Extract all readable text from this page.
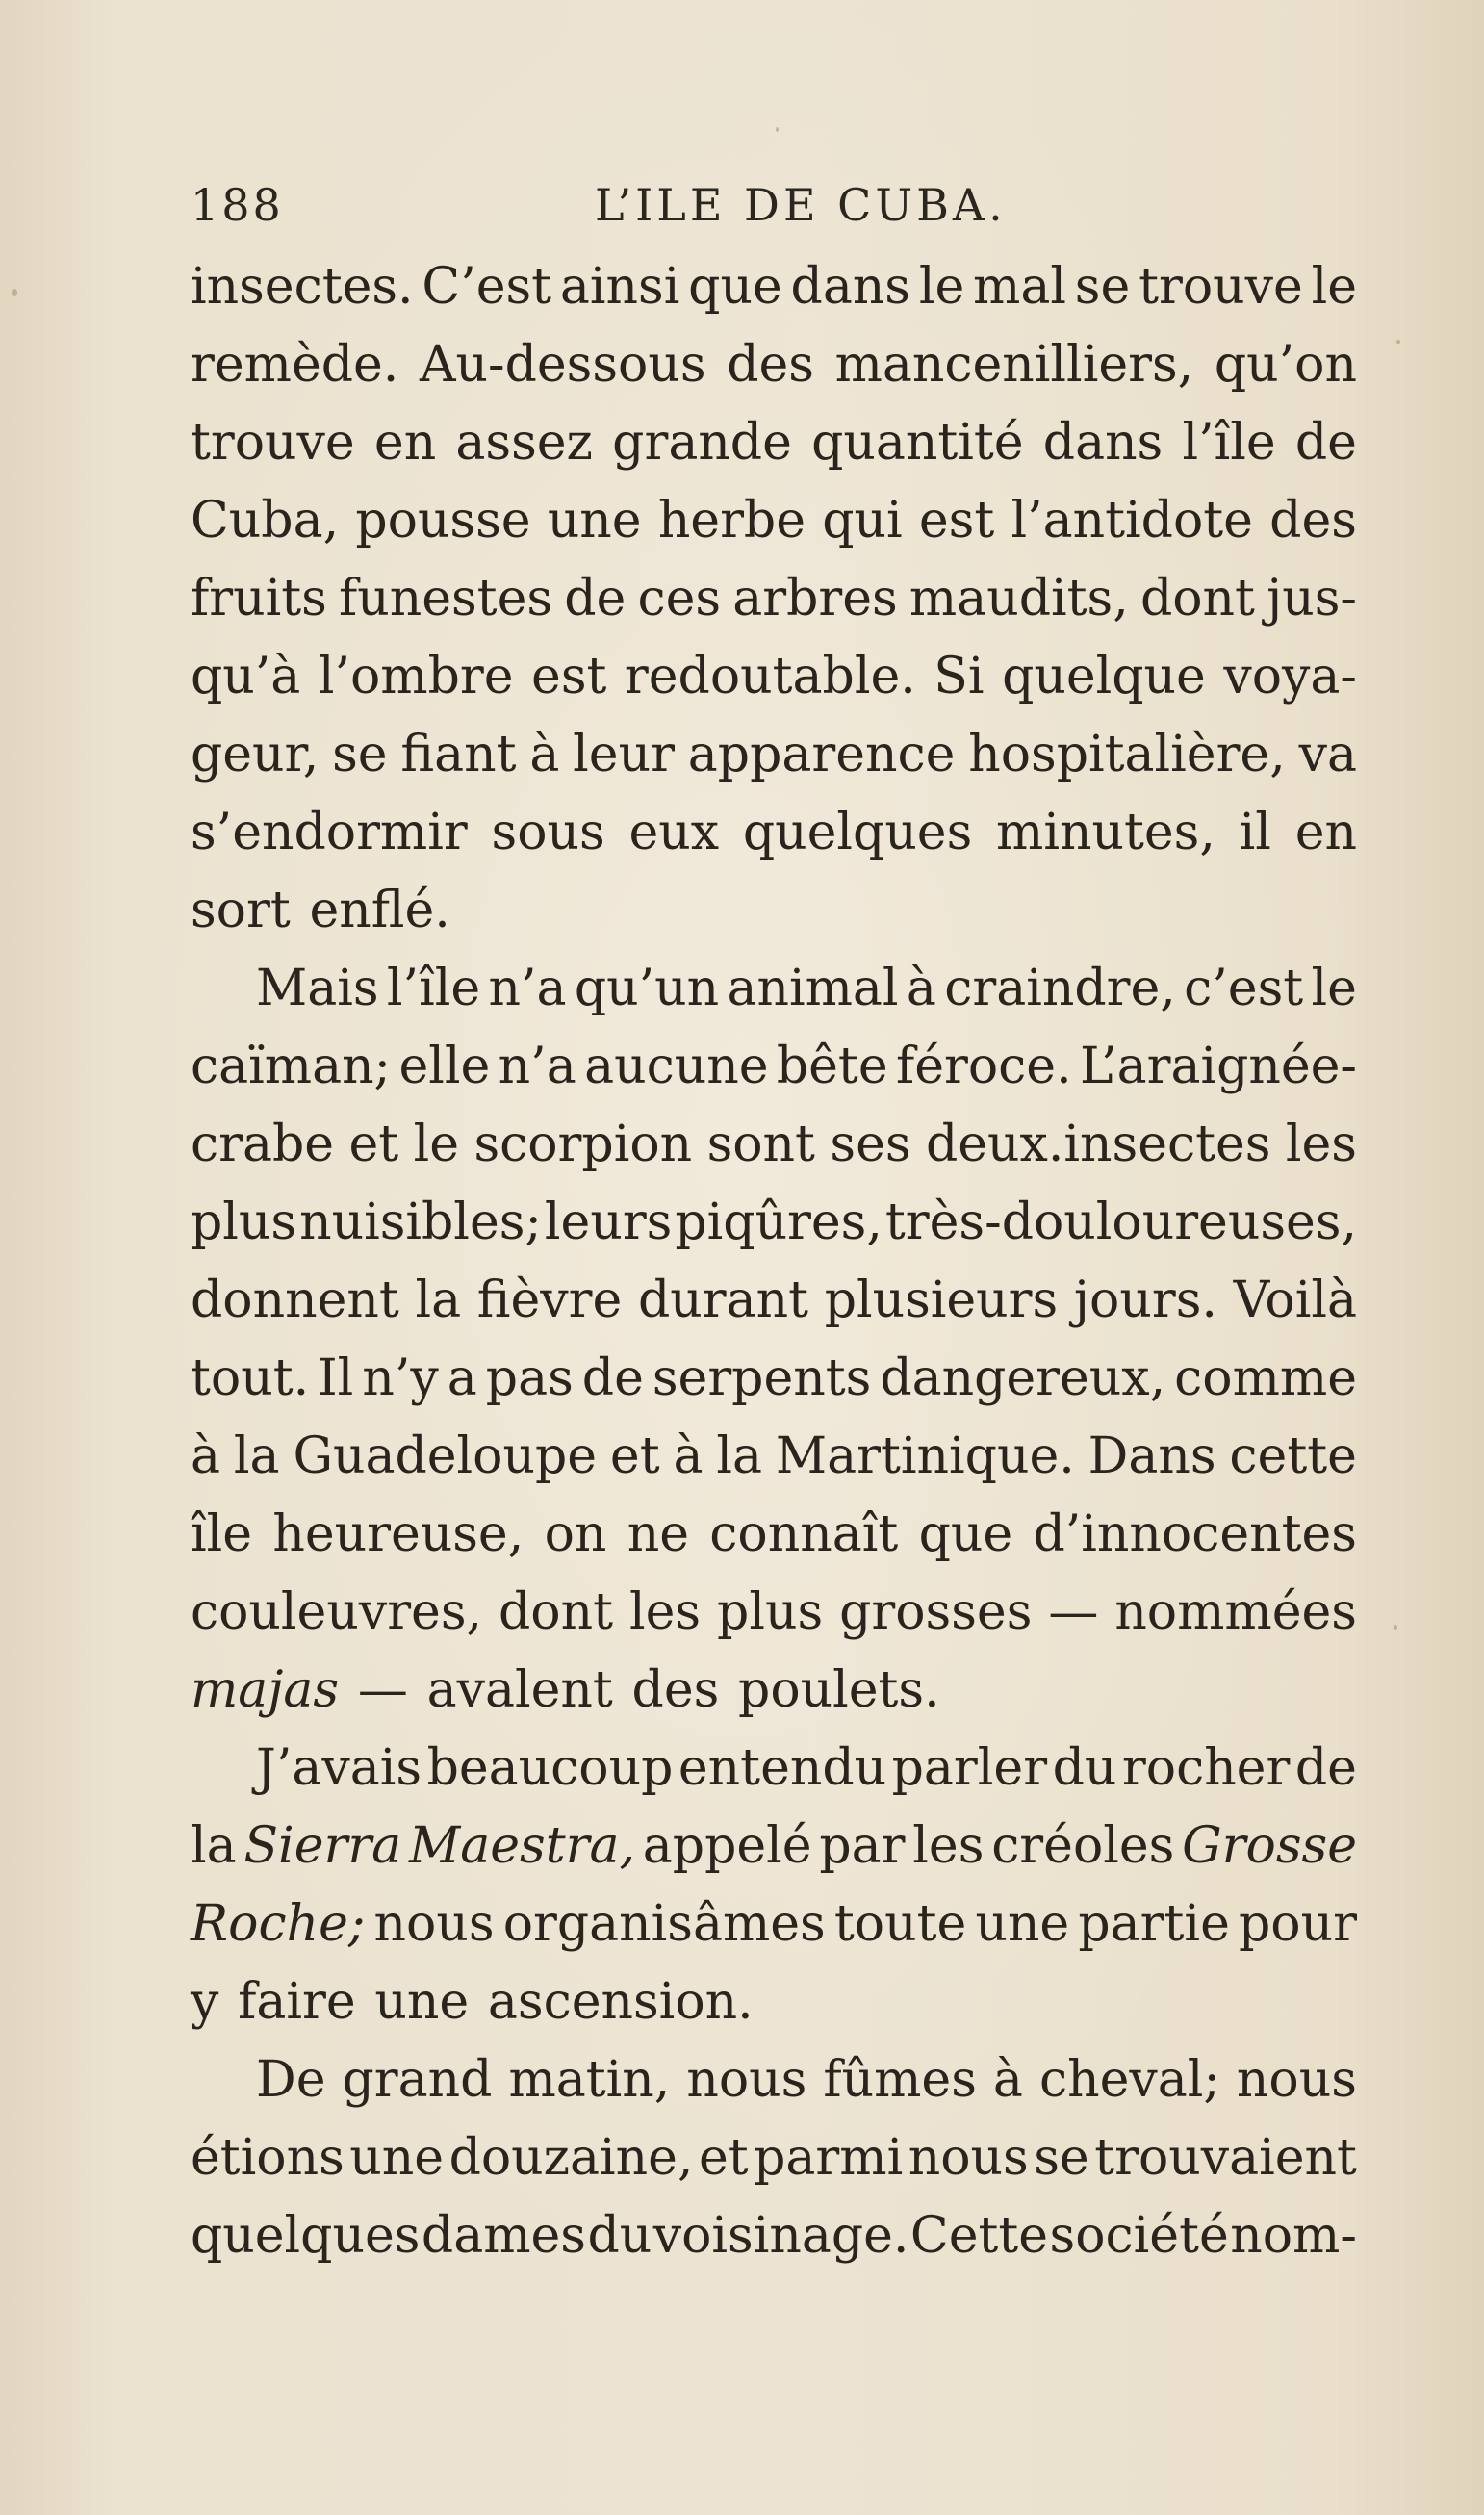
188	L’ILE DE CUBA.
insectes. C’est ainsi que dans le mal se trouve le
remède. Au-dessous des mancenilliers, qu’on
trouve en assez grande quantité dans l’île de
Cuba, pousse une herbe qui est l’antidote des
fruits funestes de ces arbres maudits, dont jus-
qu’à l’ombre est redoutable. Si quelque voya-
geur, se fiant à leur apparence hospitalière, va
s’endormir sous eux quelques minutes, il en
sort enflé.
Mais l’île n’a qu’un animal à craindre, c’est le
caïman; elle n’a aucune bête féroce. L’araignée-
crabe et le scorpion sont ses deux.insectes les
plus nuisibles; leurs piqûres, très-douloureuses,
donnent la fièvre durant plusieurs jours. Voilà
tout. Il n’y a pas de serpents dangereux, comme
à la Guadeloupe et à la Martinique. Dans cette
île heureuse, on ne connaît que d’innocentes
couleuvres, dont les plus grosses — nommées
majas — avalent des poulets.
J’avais beaucoup entendu parler du rocher de
la Sierra Maestra, appelé par les créoles Grosse
Roche; nous organisâmes toute une partie pour
y faire une ascension.
De grand matin, nous fûmes à cheval; nous
étions une douzaine, et parmi nous se trouvaient
quelques dames du voisinage. Cette société nom-
